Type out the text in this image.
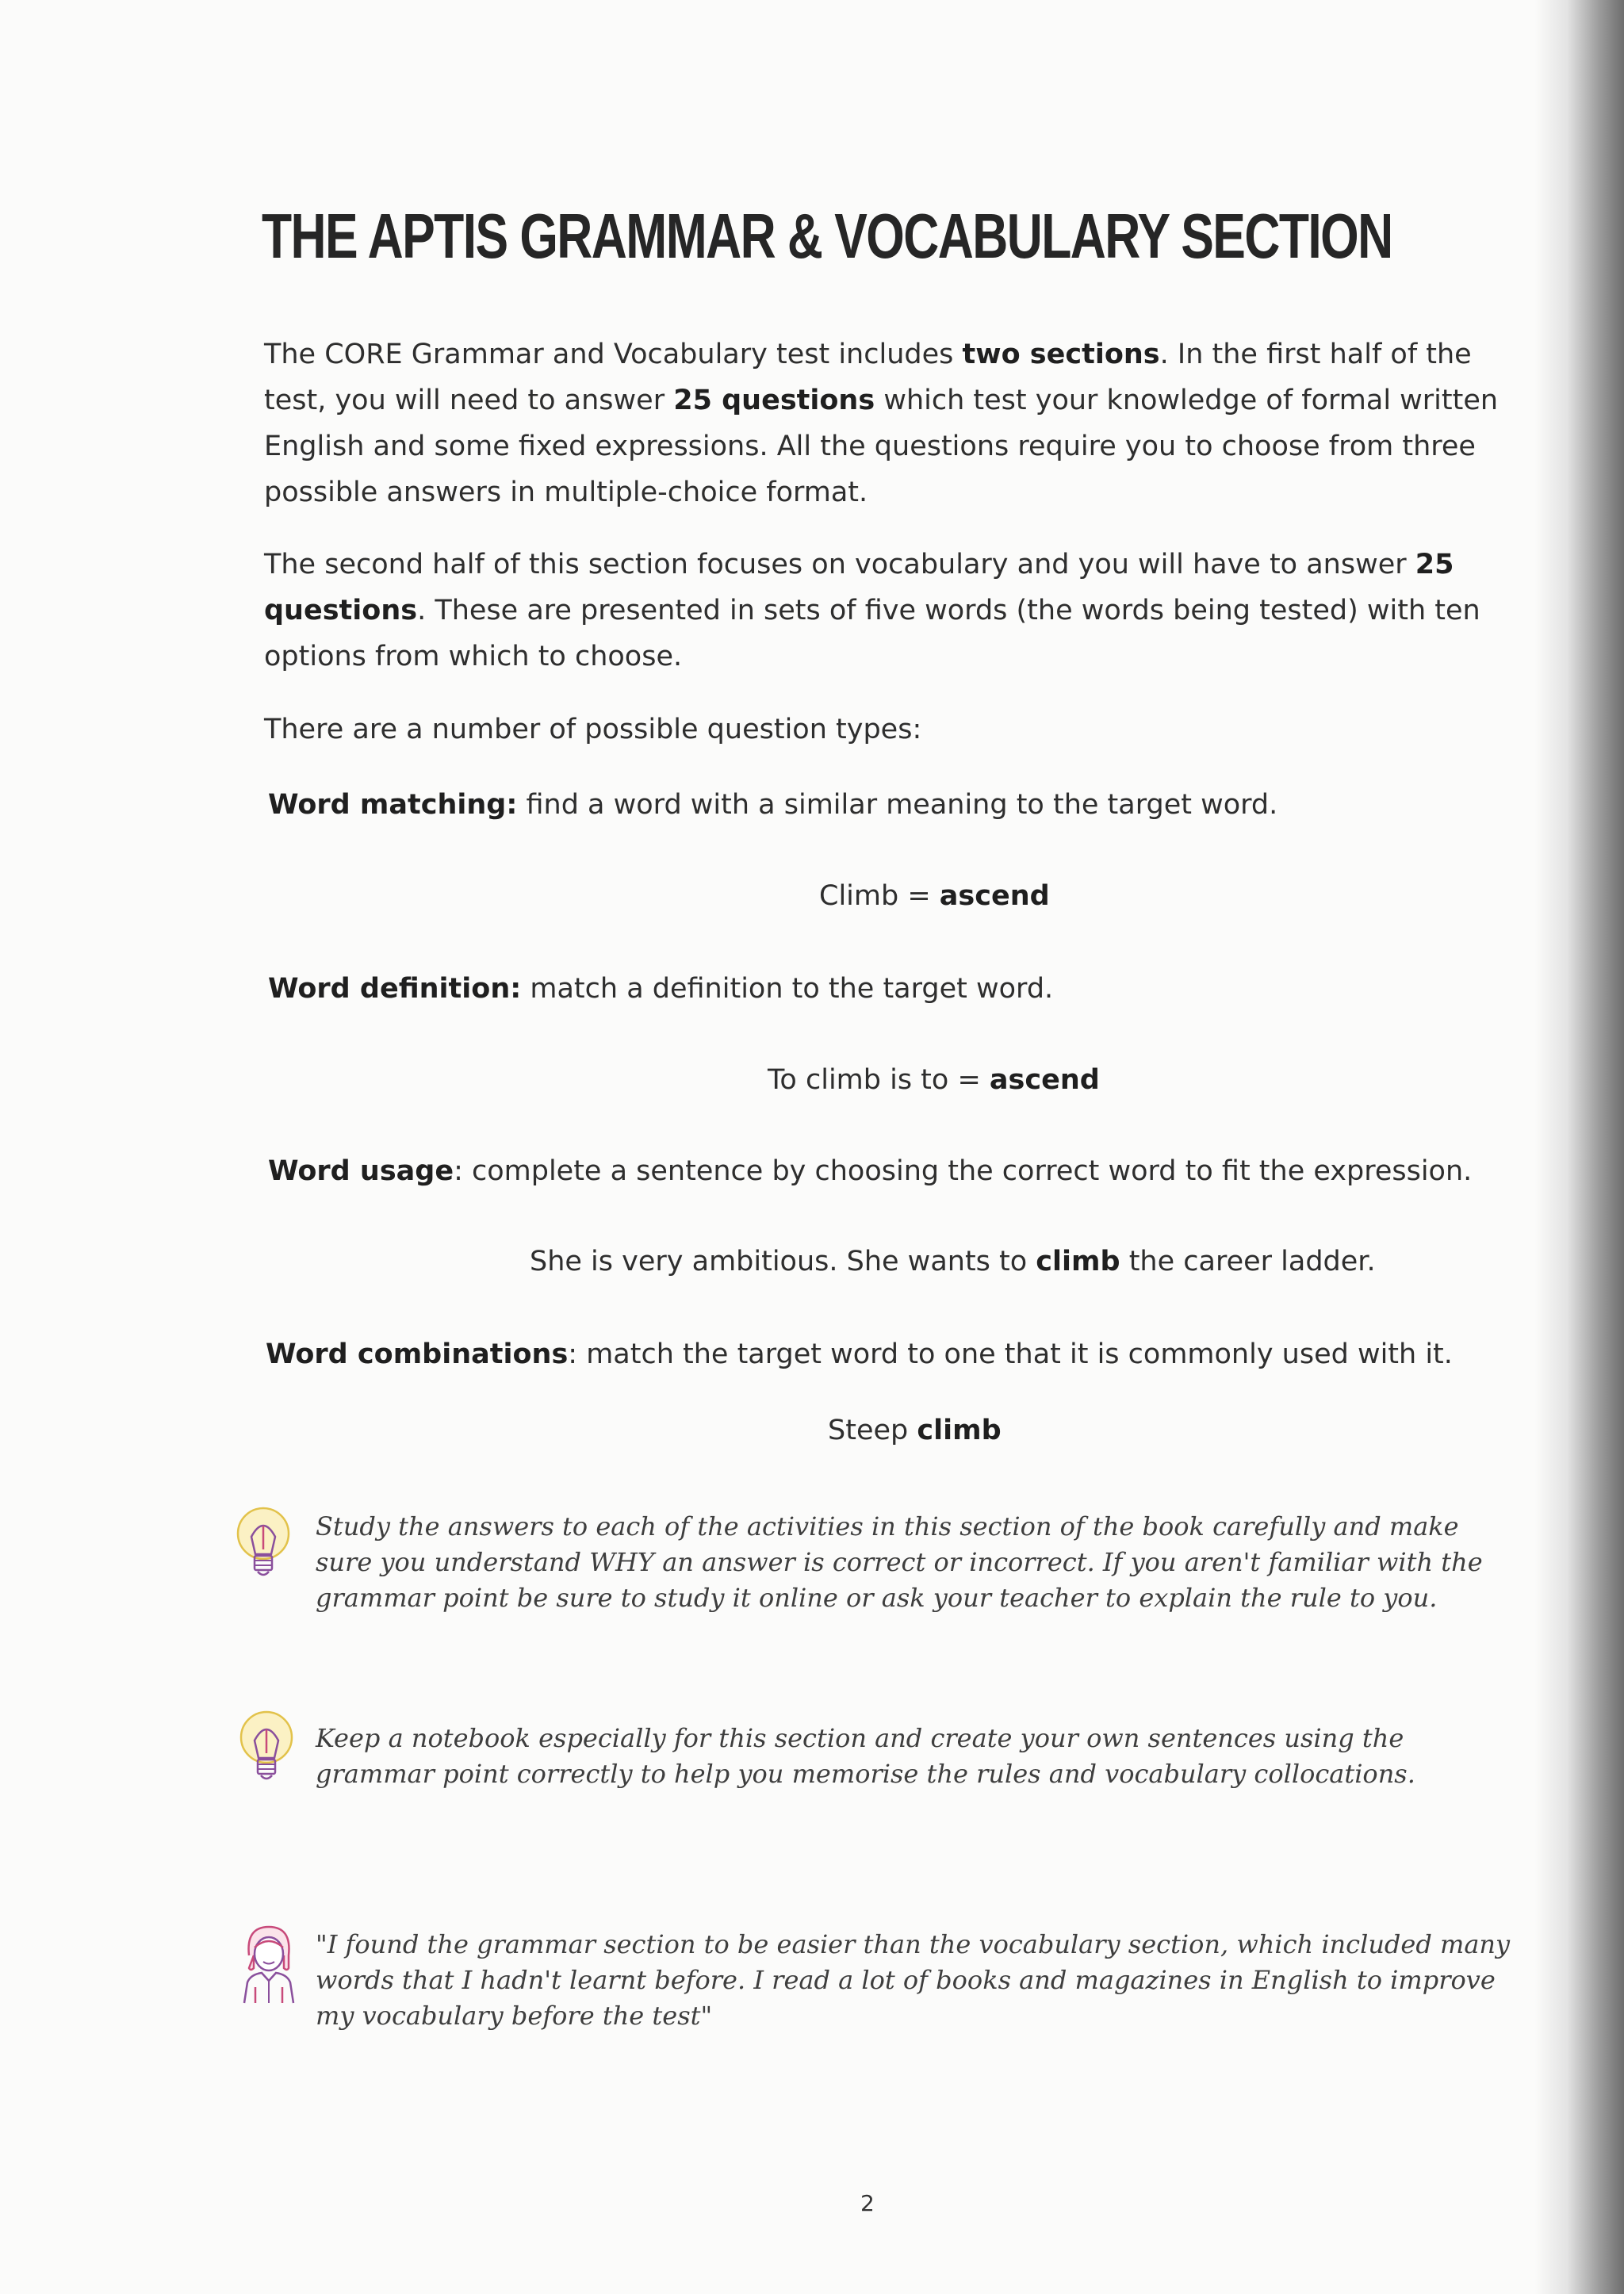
THE APTIS GRAMMAR & VOCABULARY SECTION

The CORE Grammar and Vocabulary test includes two sections. In the first half of the test, you will need to answer 25 questions which test your knowledge of formal written English and some fixed expressions. All the questions require you to choose from three possible answers in multiple-choice format.

The second half of this section focuses on vocabulary and you will have to answer 25 questions. These are presented in sets of five words (the words being tested) with ten options from which to choose.

There are a number of possible question types:

Word matching: find a word with a similar meaning to the target word.

Climb = ascend

Word definition: match a definition to the target word.

To climb is to = ascend

Word usage: complete a sentence by choosing the correct word to fit the expression.

She is very ambitious. She wants to climb the career ladder.

Word combinations: match the target word to one that it is commonly used with it.

Steep climb

Study the answers to each of the activities in this section of the book carefully and make sure you understand WHY an answer is correct or incorrect. If you aren't familiar with the grammar point be sure to study it online or ask your teacher to explain the rule to you.

Keep a notebook especially for this section and create your own sentences using the grammar point correctly to help you memorise the rules and vocabulary collocations.

"I found the grammar section to be easier than the vocabulary section, which included many words that I hadn't learnt before. I read a lot of books and magazines in English to improve my vocabulary before the test"

2
